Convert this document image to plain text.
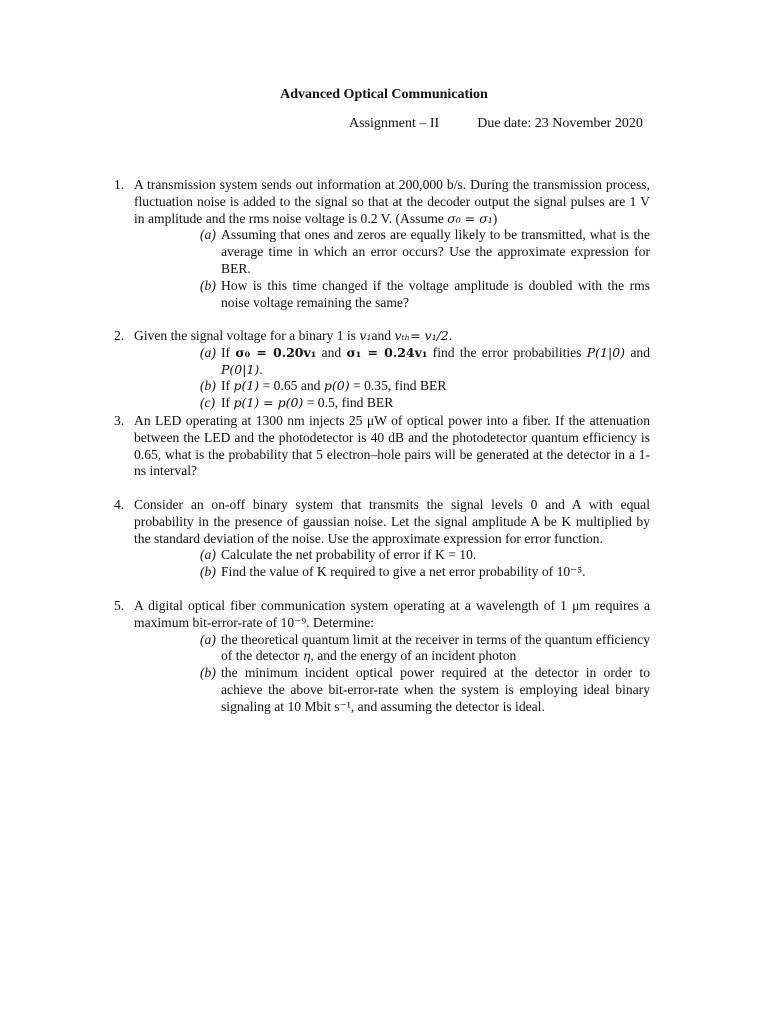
Advanced Optical Communication
Assignment – II	Due date: 23 November 2020
1. A transmission system sends out information at 200,000 b/s. During the transmission process, fluctuation noise is added to the signal so that at the decoder output the signal pulses are 1 V in amplitude and the rms noise voltage is 0.2 V. (Assume σ₀ = σ₁)
(a) Assuming that ones and zeros are equally likely to be transmitted, what is the average time in which an error occurs? Use the approximate expression for BER.
(b) How is this time changed if the voltage amplitude is doubled with the rms noise voltage remaining the same?
2. Given the signal voltage for a binary 1 is v₁and vₜₕ= v₁/2.
(a) If σ₀ = 0.20v₁ and σ₁ = 0.24v₁ find the error probabilities P(1|0) and P(0|1).
(b) If p(1) = 0.65 and p(0) = 0.35, find BER
(c) If p(1) = p(0) = 0.5, find BER
3. An LED operating at 1300 nm injects 25 μW of optical power into a fiber. If the attenuation between the LED and the photodetector is 40 dB and the photodetector quantum efficiency is 0.65, what is the probability that 5 electron–hole pairs will be generated at the detector in a 1-ns interval?
4. Consider an on-off binary system that transmits the signal levels 0 and A with equal probability in the presence of gaussian noise. Let the signal amplitude A be K multiplied by the standard deviation of the noise. Use the approximate expression for error function.
(a) Calculate the net probability of error if K = 10.
(b) Find the value of K required to give a net error probability of 10⁻⁵.
5. A digital optical fiber communication system operating at a wavelength of 1 μm requires a maximum bit-error-rate of 10⁻⁹. Determine:
(a) the theoretical quantum limit at the receiver in terms of the quantum efficiency of the detector η, and the energy of an incident photon
(b) the minimum incident optical power required at the detector in order to achieve the above bit-error-rate when the system is employing ideal binary signaling at 10 Mbit s⁻¹, and assuming the detector is ideal.
